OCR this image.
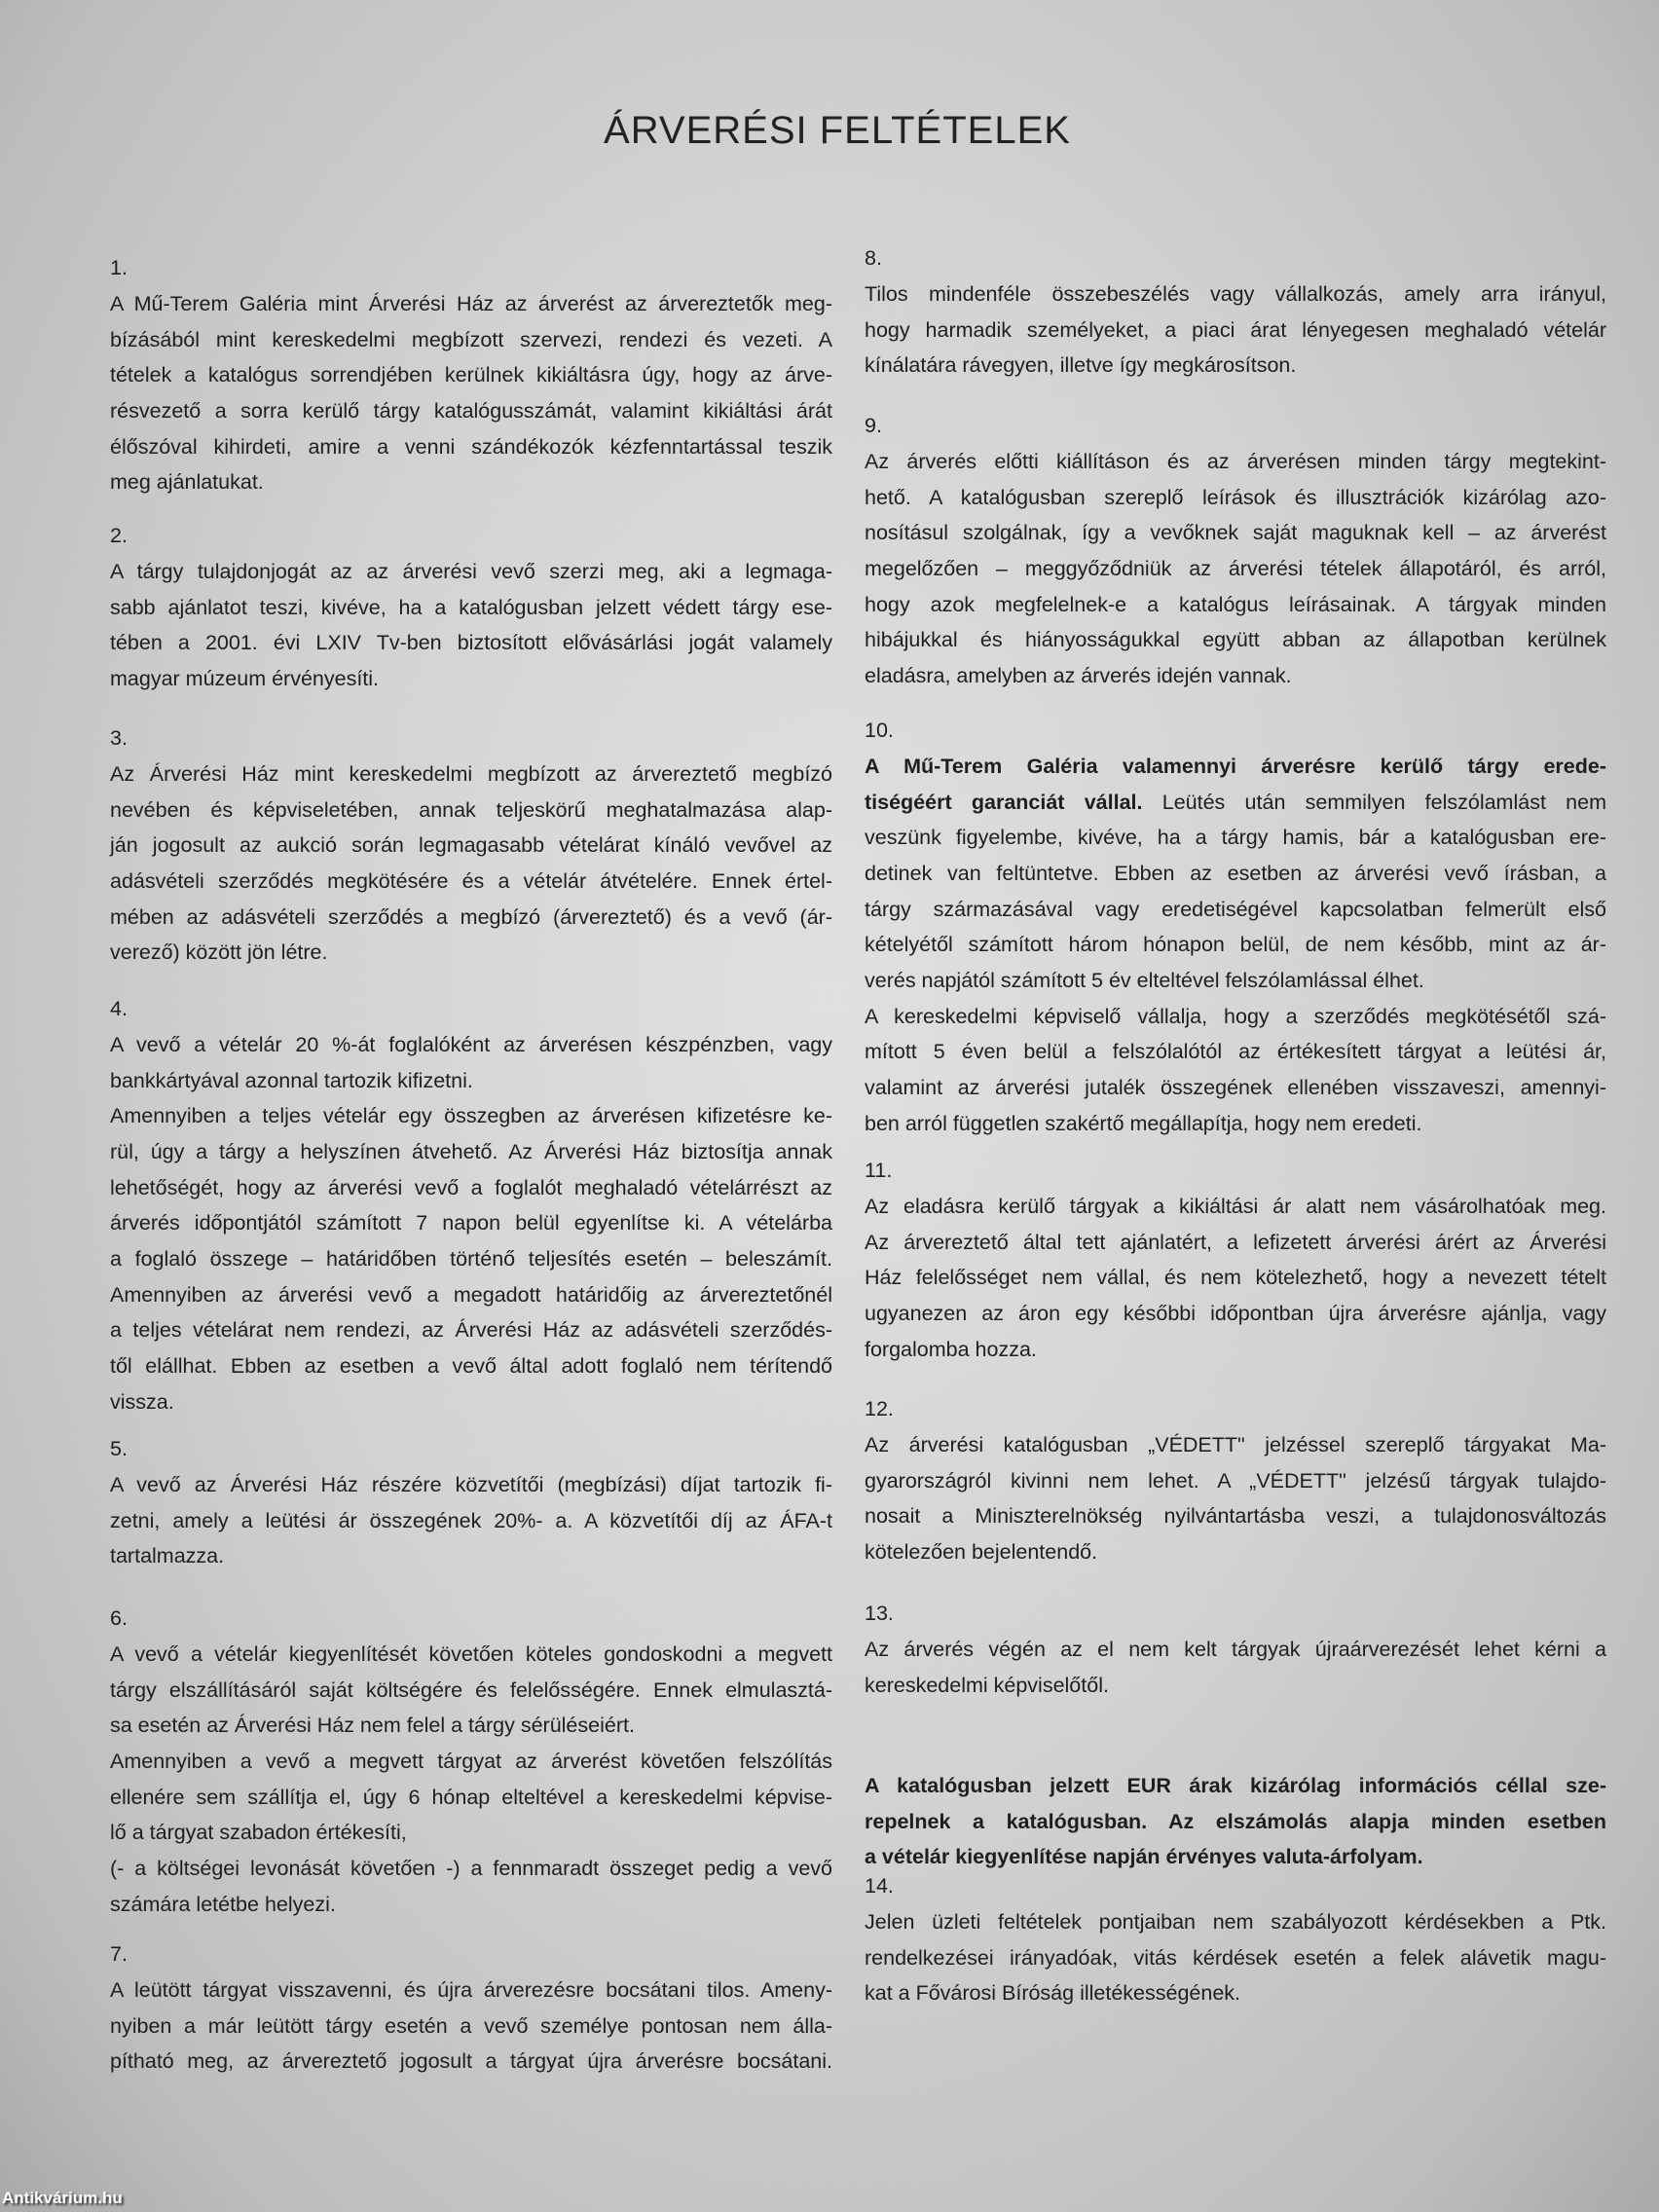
ÁRVERÉSI FELTÉTELEK
1.
A Mű-Terem Galéria mint Árverési Ház az árverést az árvereztetők meg-
bízásából mint kereskedelmi megbízott szervezi, rendezi és vezeti. A
tételek a katalógus sorrendjében kerülnek kikiáltásra úgy, hogy az árve-
résvezető a sorra kerülő tárgy katalógusszámát, valamint kikiáltási árát
élőszóval kihirdeti, amire a venni szándékozók kézfenntartással teszik
meg ajánlatukat.
2.
A tárgy tulajdonjogát az az árverési vevő szerzi meg, aki a legmaga-
sabb ajánlatot teszi, kivéve, ha a katalógusban jelzett védett tárgy ese-
tében a 2001. évi LXIV Tv-ben biztosított elővásárlási jogát valamely
magyar múzeum érvényesíti.
3.
Az Árverési Ház mint kereskedelmi megbízott az árvereztető megbízó
nevében és képviseletében, annak teljeskörű meghatalmazása alap-
ján jogosult az aukció során legmagasabb vételárat kínáló vevővel az
adásvételi szerződés megkötésére és a vételár átvételére. Ennek értel-
mében az adásvételi szerződés a megbízó (árvereztető) és a vevő (ár-
verező) között jön létre.
4.
A vevő a vételár 20 %-át foglalóként az árverésen készpénzben, vagy
bankkártyával azonnal tartozik kifizetni.
Amennyiben a teljes vételár egy összegben az árverésen kifizetésre ke-
rül, úgy a tárgy a helyszínen átvehető. Az Árverési Ház biztosítja annak
lehetőségét, hogy az árverési vevő a foglalót meghaladó vételárrészt az
árverés időpontjától számított 7 napon belül egyenlítse ki. A vételárba
a foglaló összege – határidőben történő teljesítés esetén – beleszámít.
Amennyiben az árverési vevő a megadott határidőig az árvereztetőnél
a teljes vételárat nem rendezi, az Árverési Ház az adásvételi szerződés-
től elállhat. Ebben az esetben a vevő által adott foglaló nem térítendő
vissza.
5.
A vevő az Árverési Ház részére közvetítői (megbízási) díjat tartozik fi-
zetni, amely a leütési ár összegének 20%- a. A közvetítői díj az ÁFA-t
tartalmazza.
6.
A vevő a vételár kiegyenlítését követően köteles gondoskodni a megvett
tárgy elszállításáról saját költségére és felelősségére. Ennek elmulasztá-
sa esetén az Árverési Ház nem felel a tárgy sérüléseiért.
Amennyiben a vevő a megvett tárgyat az árverést követően felszólítás
ellenére sem szállítja el, úgy 6 hónap elteltével a kereskedelmi képvise-
lő a tárgyat szabadon értékesíti,
(- a költségei levonását követően -) a fennmaradt összeget pedig a vevő
számára letétbe helyezi.
7.
A leütött tárgyat visszavenni, és újra árverezésre bocsátani tilos. Ameny-
nyiben a már leütött tárgy esetén a vevő személye pontosan nem álla-
pítható meg, az árvereztető jogosult a tárgyat újra árverésre bocsátani.
8.
Tilos mindenféle összebeszélés vagy vállalkozás, amely arra irányul,
hogy harmadik személyeket, a piaci árat lényegesen meghaladó vételár
kínálatára rávegyen, illetve így megkárosítson.
9.
Az árverés előtti kiállításon és az árverésen minden tárgy megtekint-
hető. A katalógusban szereplő leírások és illusztrációk kizárólag azo-
nosításul szolgálnak, így a vevőknek saját maguknak kell – az árverést
megelőzően – meggyőződniük az árverési tételek állapotáról, és arról,
hogy azok megfelelnek-e a katalógus leírásainak. A tárgyak minden
hibájukkal és hiányosságukkal együtt abban az állapotban kerülnek
eladásra, amelyben az árverés idején vannak.
10.
A Mű-Terem Galéria valamennyi árverésre kerülő tárgy erede-
tiségéért garanciát vállal. Leütés után semmilyen felszólamlást nem
veszünk figyelembe, kivéve, ha a tárgy hamis, bár a katalógusban ere-
detinek van feltüntetve. Ebben az esetben az árverési vevő írásban, a
tárgy származásával vagy eredetiségével kapcsolatban felmerült első
kételyétől számított három hónapon belül, de nem később, mint az ár-
verés napjától számított 5 év elteltével felszólamlással élhet.
A kereskedelmi képviselő vállalja, hogy a szerződés megkötésétől szá-
mított 5 éven belül a felszólalótól az értékesített tárgyat a leütési ár,
valamint az árverési jutalék összegének ellenében visszaveszi, amennyi-
ben arról független szakértő megállapítja, hogy nem eredeti.
11.
Az eladásra kerülő tárgyak a kikiáltási ár alatt nem vásárolhatóak meg.
Az árvereztető által tett ajánlatért, a lefizetett árverési árért az Árverési
Ház felelősséget nem vállal, és nem kötelezhető, hogy a nevezett tételt
ugyanezen az áron egy későbbi időpontban újra árverésre ajánlja, vagy
forgalomba hozza.
12.
Az árverési katalógusban „VÉDETT" jelzéssel szereplő tárgyakat Ma-
gyarországról kivinni nem lehet. A „VÉDETT" jelzésű tárgyak tulajdo-
nosait a Miniszterelnökség nyilvántartásba veszi, a tulajdonosváltozás
kötelezően bejelentendő.
13.
Az árverés végén az el nem kelt tárgyak újraárverezését lehet kérni a
kereskedelmi képviselőtől.
A katalógusban jelzett EUR árak kizárólag információs céllal sze-
repelnek a katalógusban. Az elszámolás alapja minden esetben
a vételár kiegyenlítése napján érvényes valuta-árfolyam.
14.
Jelen üzleti feltételek pontjaiban nem szabályozott kérdésekben a Ptk.
rendelkezései irányadóak, vitás kérdések esetén a felek alávetik magu-
kat a Fővárosi Bíróság illetékességének.
Antikvárium.hu
